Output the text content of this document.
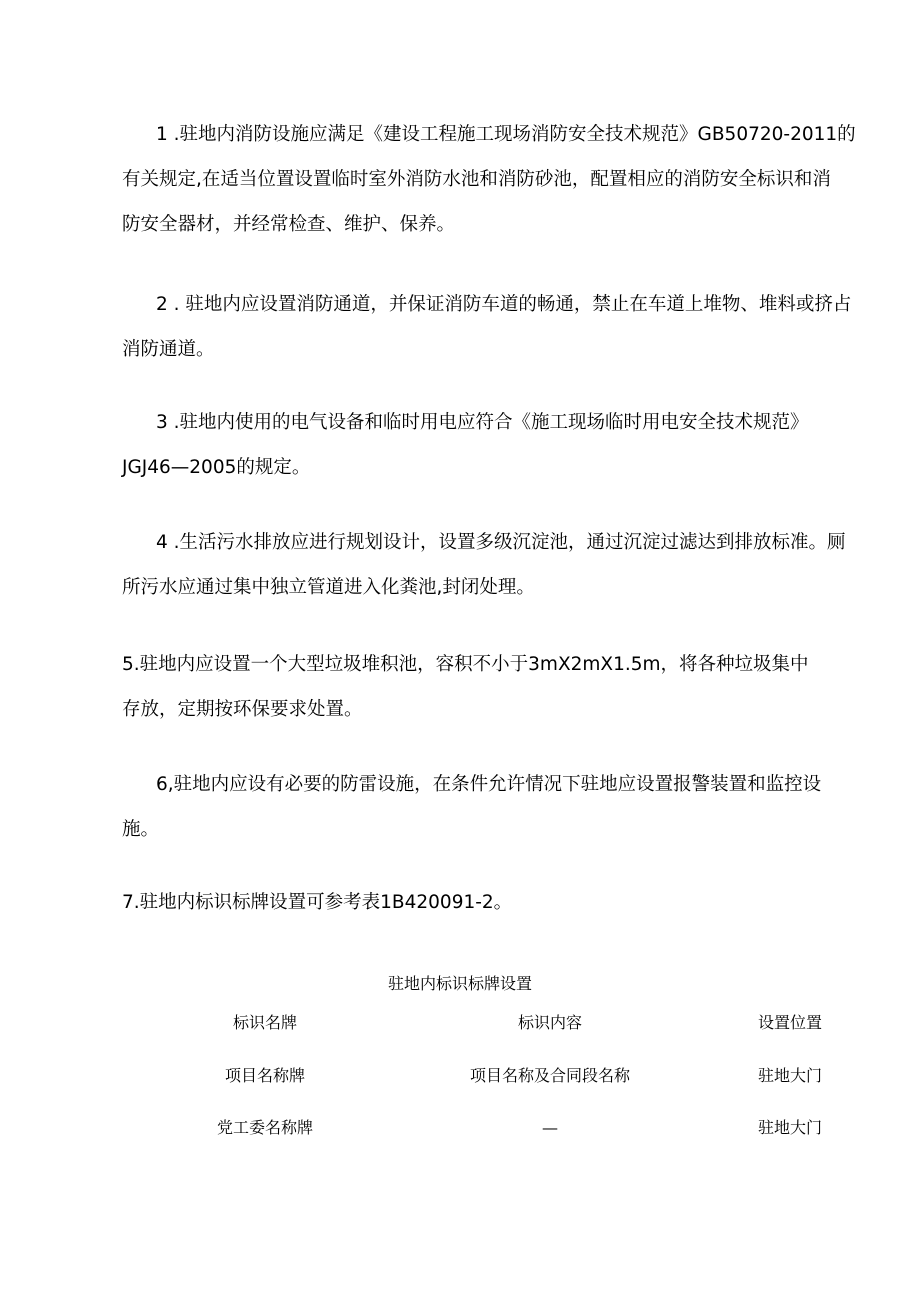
1 .驻地内消防设施应满足《建设工程施工现场消防安全技术规范》GB50720-2011的
有关规定,在适当位置设置临时室外消防水池和消防砂池，配置相应的消防安全标识和消
防安全器材，并经常检查、维护、保养。
2 . 驻地内应设置消防通道，并保证消防车道的畅通，禁止在车道上堆物、堆料或挤占
消防通道。
3 .驻地内使用的电气设备和临时用电应符合《施工现场临时用电安全技术规范》
JGJ46—2005的规定。
4 .生活污水排放应进行规划设计，设置多级沉淀池，通过沉淀过滤达到排放标准。厕
所污水应通过集中独立管道进入化粪池,封闭处理。
5.驻地内应设置一个大型垃圾堆积池，容积不小于3mX2mX1.5m，将各种垃圾集中
存放，定期按环保要求处置。
6,驻地内应设有必要的防雷设施，在条件允许情况下驻地应设置报警装置和监控设
施。
7.驻地内标识标牌设置可参考表1B420091-2。
驻地内标识标牌设置
标识名牌	标识内容	设置位置
项目名称牌	项目名称及合同段名称	驻地大门
党工委名称牌	—	驻地大门
